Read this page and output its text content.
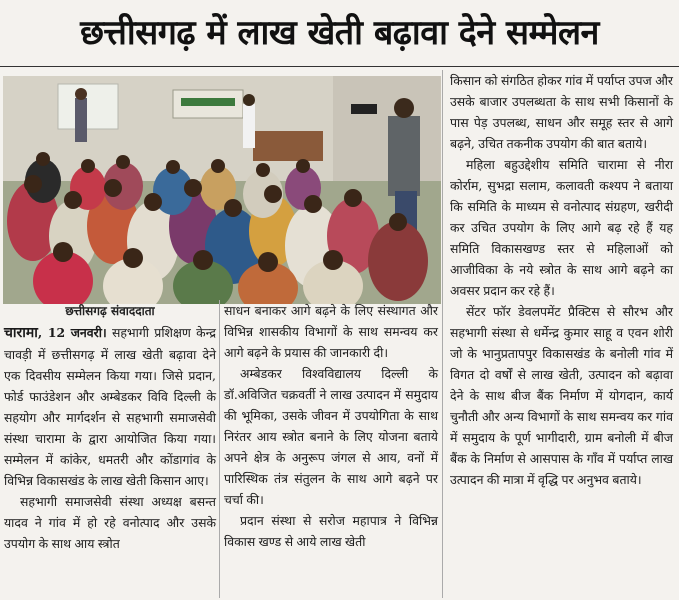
छत्तीसगढ़ में लाख खेती बढ़ावा देने सम्मेलन
छत्तीसगढ़ संवाददाता

चारामा, 12 जनवरी। सहभागी प्रशिक्षण केन्द्र चावड़ी में छत्तीसगढ़ में लाख खेती बढ़ावा देने एक दिवसीय सम्मेलन किया गया। जिसे प्रदान, फोर्ड फाउंडेशन और अम्बेडकर विवि दिल्ली के सहयोग और मार्गदर्शन से सहभागी समाजसेवी संस्था चारामा के द्वारा आयोजित किया गया। सम्मेलन में कांकेर, धमतरी और कोंडागांव के विभिन्न विकासखंड के लाख खेती किसान आए।

सहभागी समाजसेवी संस्था अध्यक्ष बसन्त यादव ने गांव में हो रहे वनोत्पाद और उसके उपयोग के साथ आय स्त्रोत

साधन बनाकर आगे बढ़ने के लिए संस्थागत और विभिन्न शासकीय विभागों के साथ समन्वय कर आगे बढ़ने के प्रयास की जानकारी दी।

अम्बेडकर विश्वविद्यालय दिल्ली के डॉ.अविजित चक्रवर्ती ने लाख उत्पादन में समुदाय की भूमिका, उसके जीवन में उपयोगिता के साथ निरंतर आय स्त्रोत बनाने के लिए योजना बताये अपने क्षेत्र के अनुरूप जंगल से आय, वनों में पारिस्थिक तंत्र संतुलन के साथ आगे बढ़ने पर चर्चा की।

प्रदान संस्था से सरोज महापात्र ने विभिन्न विकास खण्ड से आये लाख खेती

किसान को संगठित होकर गांव में पर्याप्त उपज और उसके बाजार उपलब्धता के साथ सभी किसानों के पास पेड़ उपलब्ध, साधन और समूह स्तर से आगे बढ़ने, उचित तकनीक उपयोग की बात बताये।

महिला बहुउद्देशीय समिति चारामा से नीरा कोर्राम, सुभद्रा सलाम, कलावती कश्यप ने बताया कि समिति के माध्यम से वनोत्पाद संग्रहण, खरीदी कर उचित उपयोग के लिए आगे बढ़ रहे हैं यह समिति विकासखण्ड स्तर से महिलाओं को आजीविका के नये स्त्रोत के साथ आगे बढ़ने का अवसर प्रदान कर रहे हैं।

सेंटर फॉर डेवलपमेंट प्रैक्टिस से सौरभ और सहभागी संस्था से धर्मेन्द्र कुमार साहू व एवन शोरी जो के भानुप्रतापपुर विकासखंड के बनोली गांव में विगत दो वर्षों से लाख खेती, उत्पादन को बढ़ावा देने के साथ बीज बैंक निर्माण में योगदान, कार्य चुनौती और अन्य विभागों के साथ समन्वय कर गांव में समुदाय के पूर्ण भागीदारी, ग्राम बनोली में बीज बैंक के निर्माण से आसपास के गाँव में पर्याप्त लाख उत्पादन की मात्रा में वृद्धि पर अनुभव बताये।
